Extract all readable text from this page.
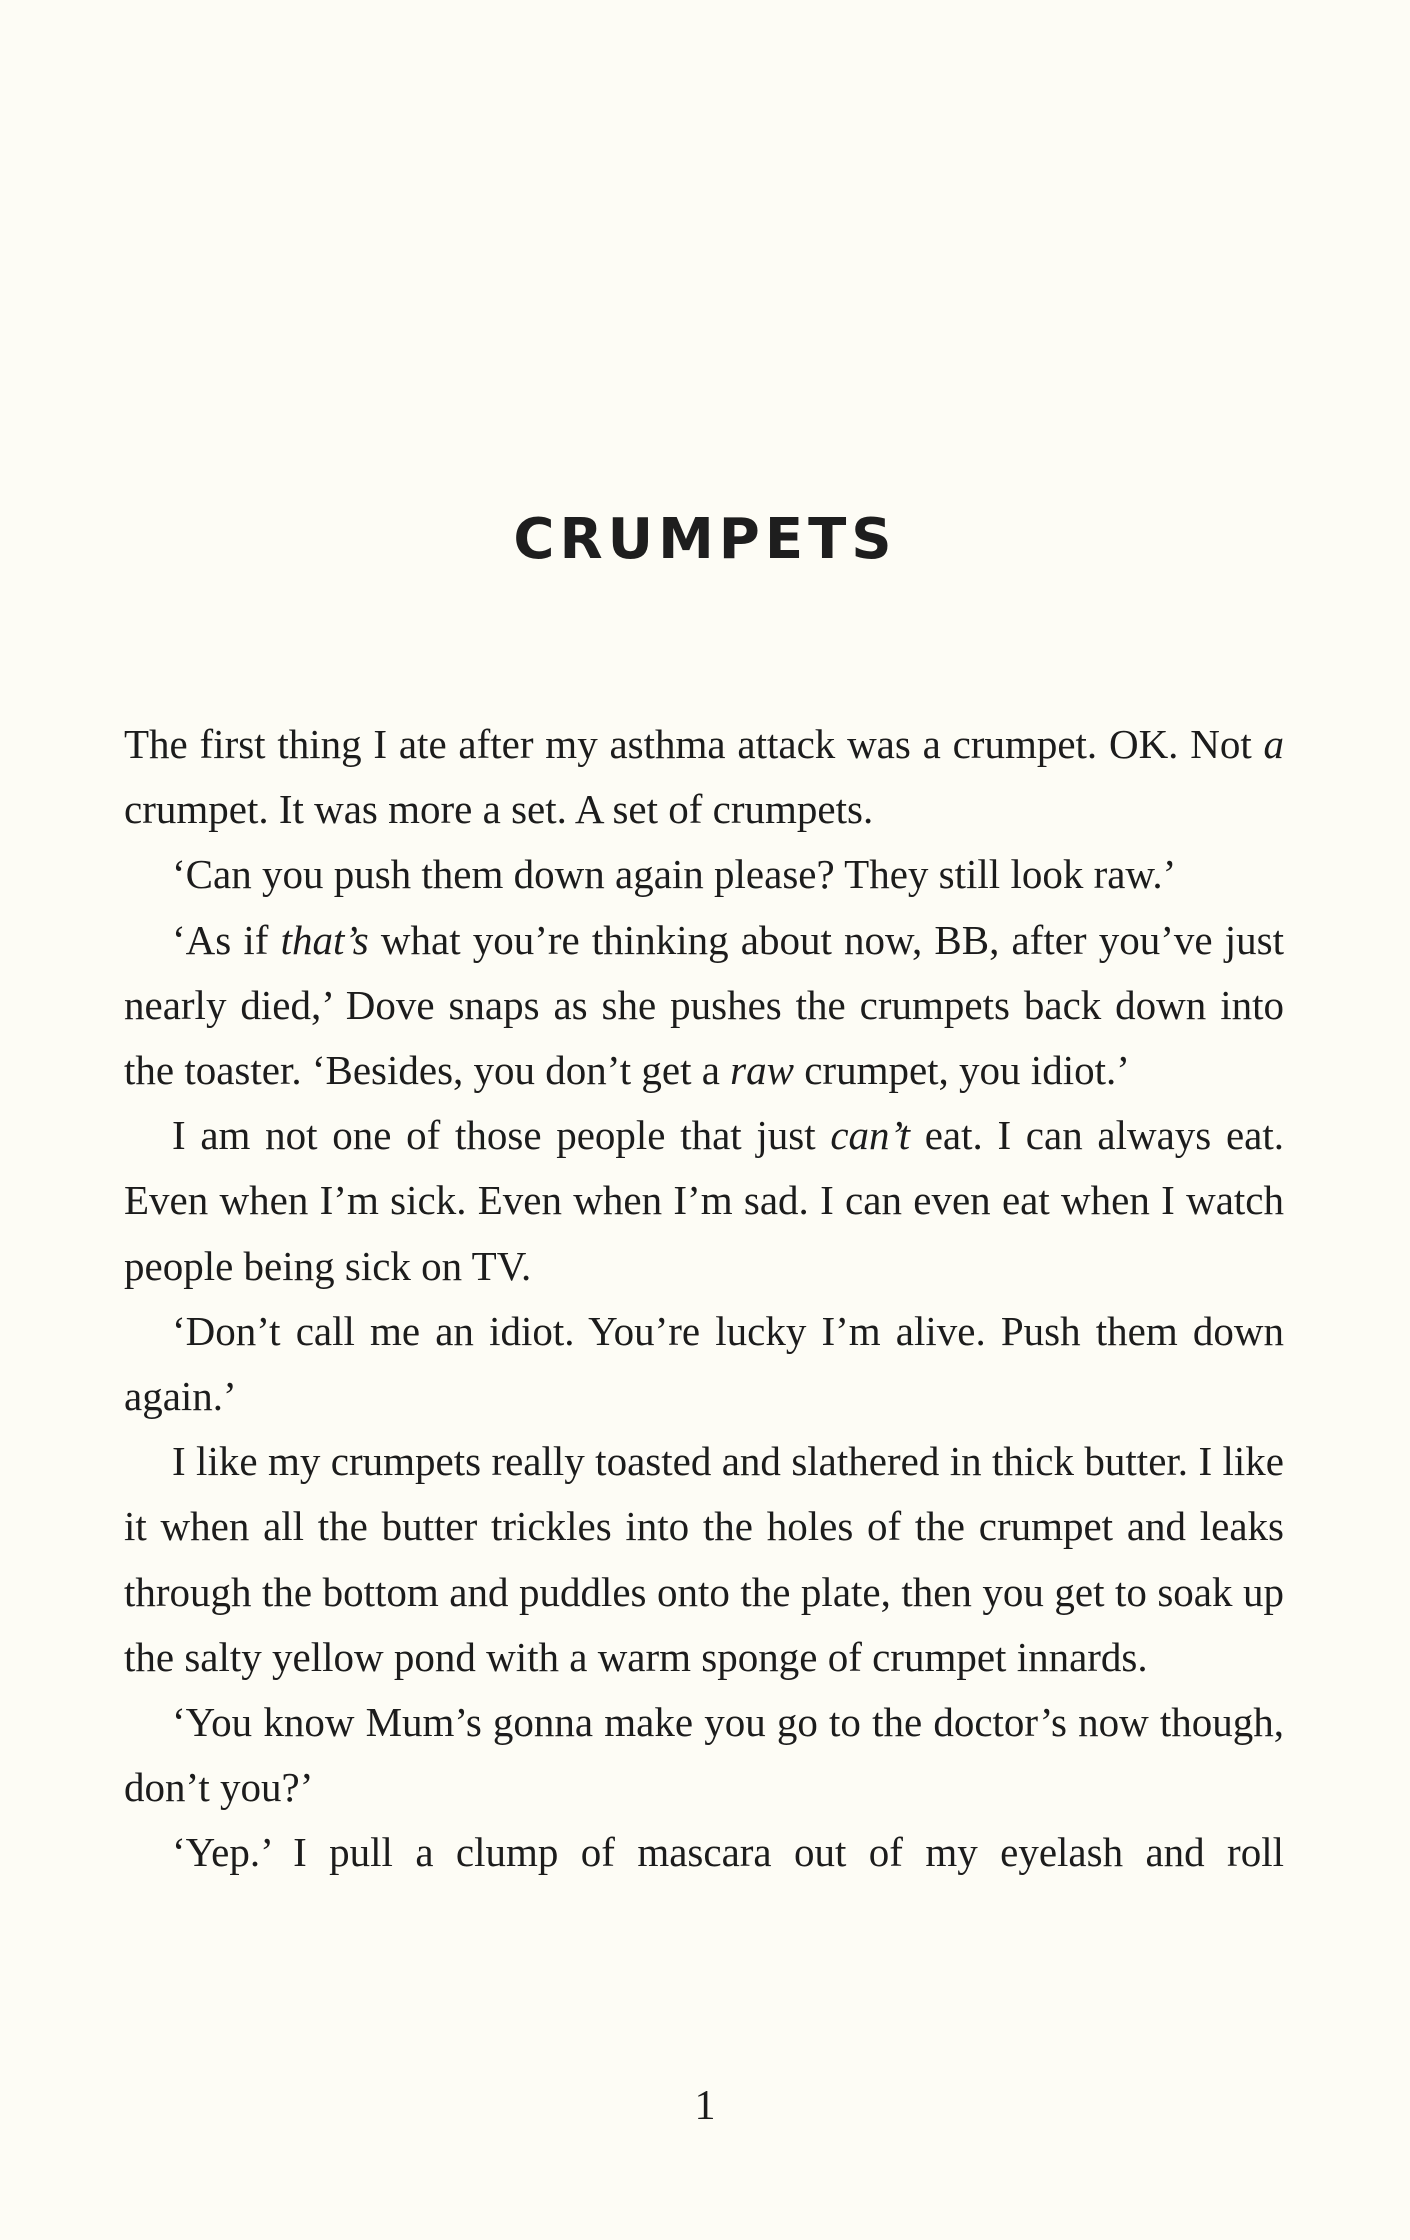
CRUMPETS

The first thing I ate after my asthma attack was a crumpet. OK. Not a crumpet. It was more a set. A set of crumpets.

‘Can you push them down again please? They still look raw.’

‘As if that’s what you’re thinking about now, BB, after you’ve just nearly died,’ Dove snaps as she pushes the crumpets back down into the toaster. ‘Besides, you don’t get a raw crumpet, you idiot.’

I am not one of those people that just can’t eat. I can always eat. Even when I’m sick. Even when I’m sad. I can even eat when I watch people being sick on TV.

‘Don’t call me an idiot. You’re lucky I’m alive. Push them down again.’

I like my crumpets really toasted and slathered in thick butter. I like it when all the butter trickles into the holes of the crumpet and leaks through the bottom and puddles onto the plate, then you get to soak up the salty yellow pond with a warm sponge of crumpet innards.

‘You know Mum’s gonna make you go to the doctor’s now though, don’t you?’

‘Yep.’ I pull a clump of mascara out of my eyelash and roll

1
